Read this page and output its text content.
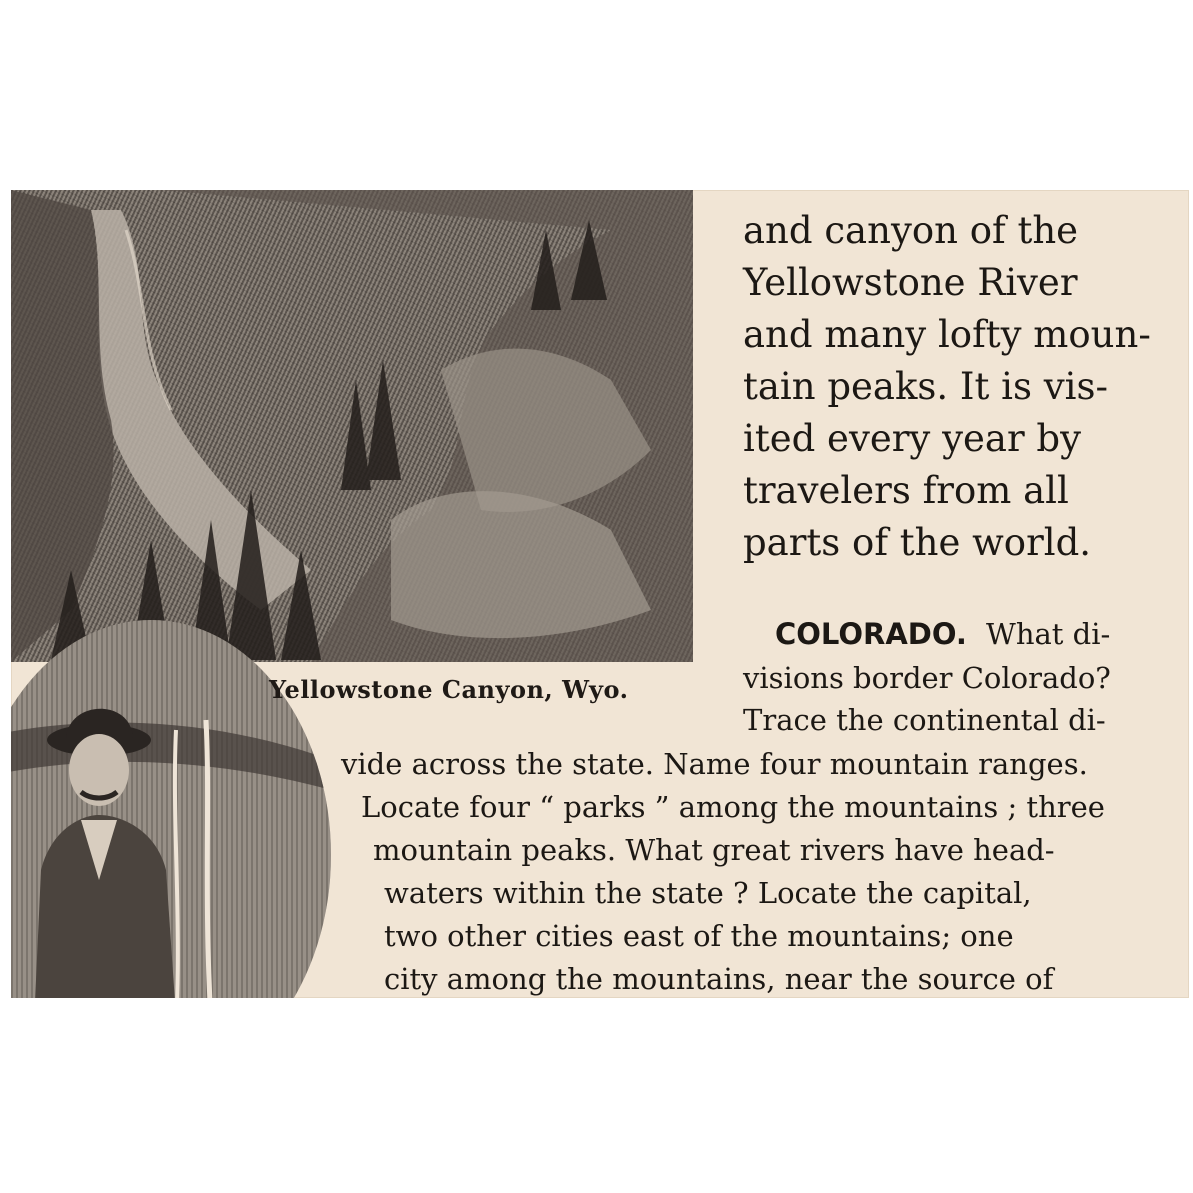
Yellowstone Canyon, Wyo.
and canyon of the
Yellowstone River
and many lofty moun-
tain peaks. It is vis-
ited every year by
travelers from all
parts of the world.
COLORADO. What di-
visions border Colorado?
Trace the continental di-
vide across the state. Name four mountain ranges.
Locate four “ parks ” among the mountains ; three
mountain peaks. What great rivers have head-
waters within the state ? Locate the capital,
two other cities east of the mountains; one
city among the mountains, near the source of
